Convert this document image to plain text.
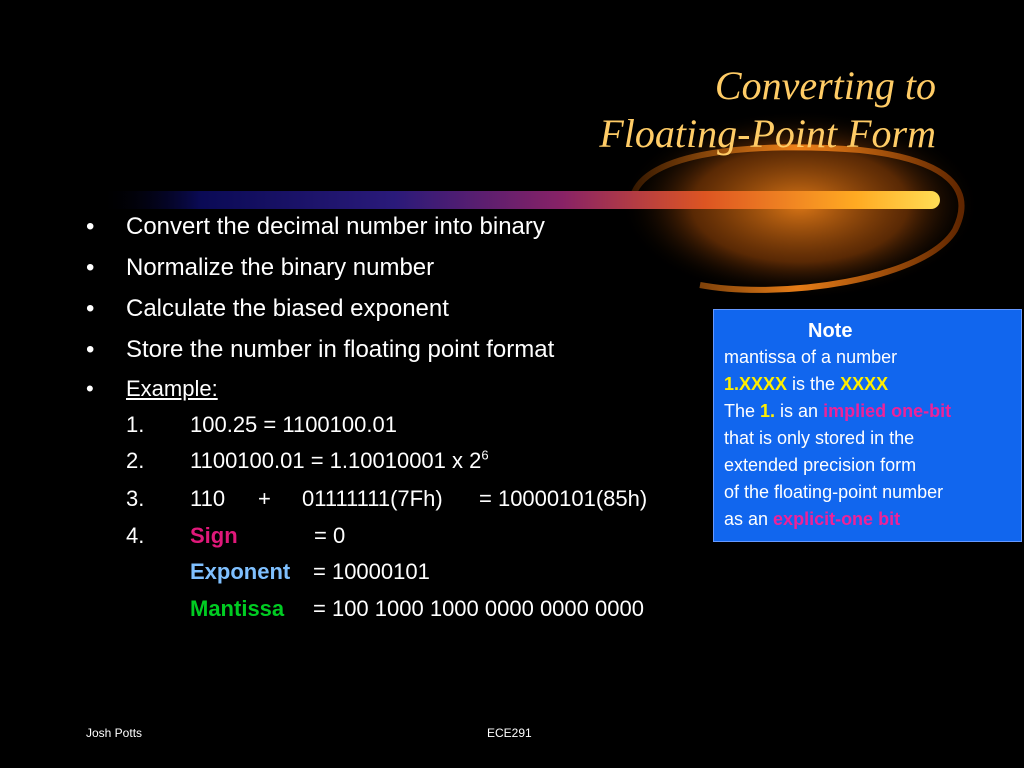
Converting to
Floating-Point Form
•	Convert the decimal number into binary
•	Normalize the binary number
•	Calculate the biased exponent
•	Store the number in floating point format
•	Example:
1. 100.25 = 1100100.01
2. 1100100.01 = 1.10010001 x $2^6$
3. 110 + 01111111(7Fh) = 10000101(85h)
4. Sign	= 0
Exponent = 10000101
Mantissa = 100 1000 1000 0000 0000 0000
Note
mantissa of a number
1.XXXX is the XXXX
The 1. is an implied one-bit
that is only stored in the
extended precision form
of the floating-point number
as an explicit-one bit
Josh Potts	ECE291
